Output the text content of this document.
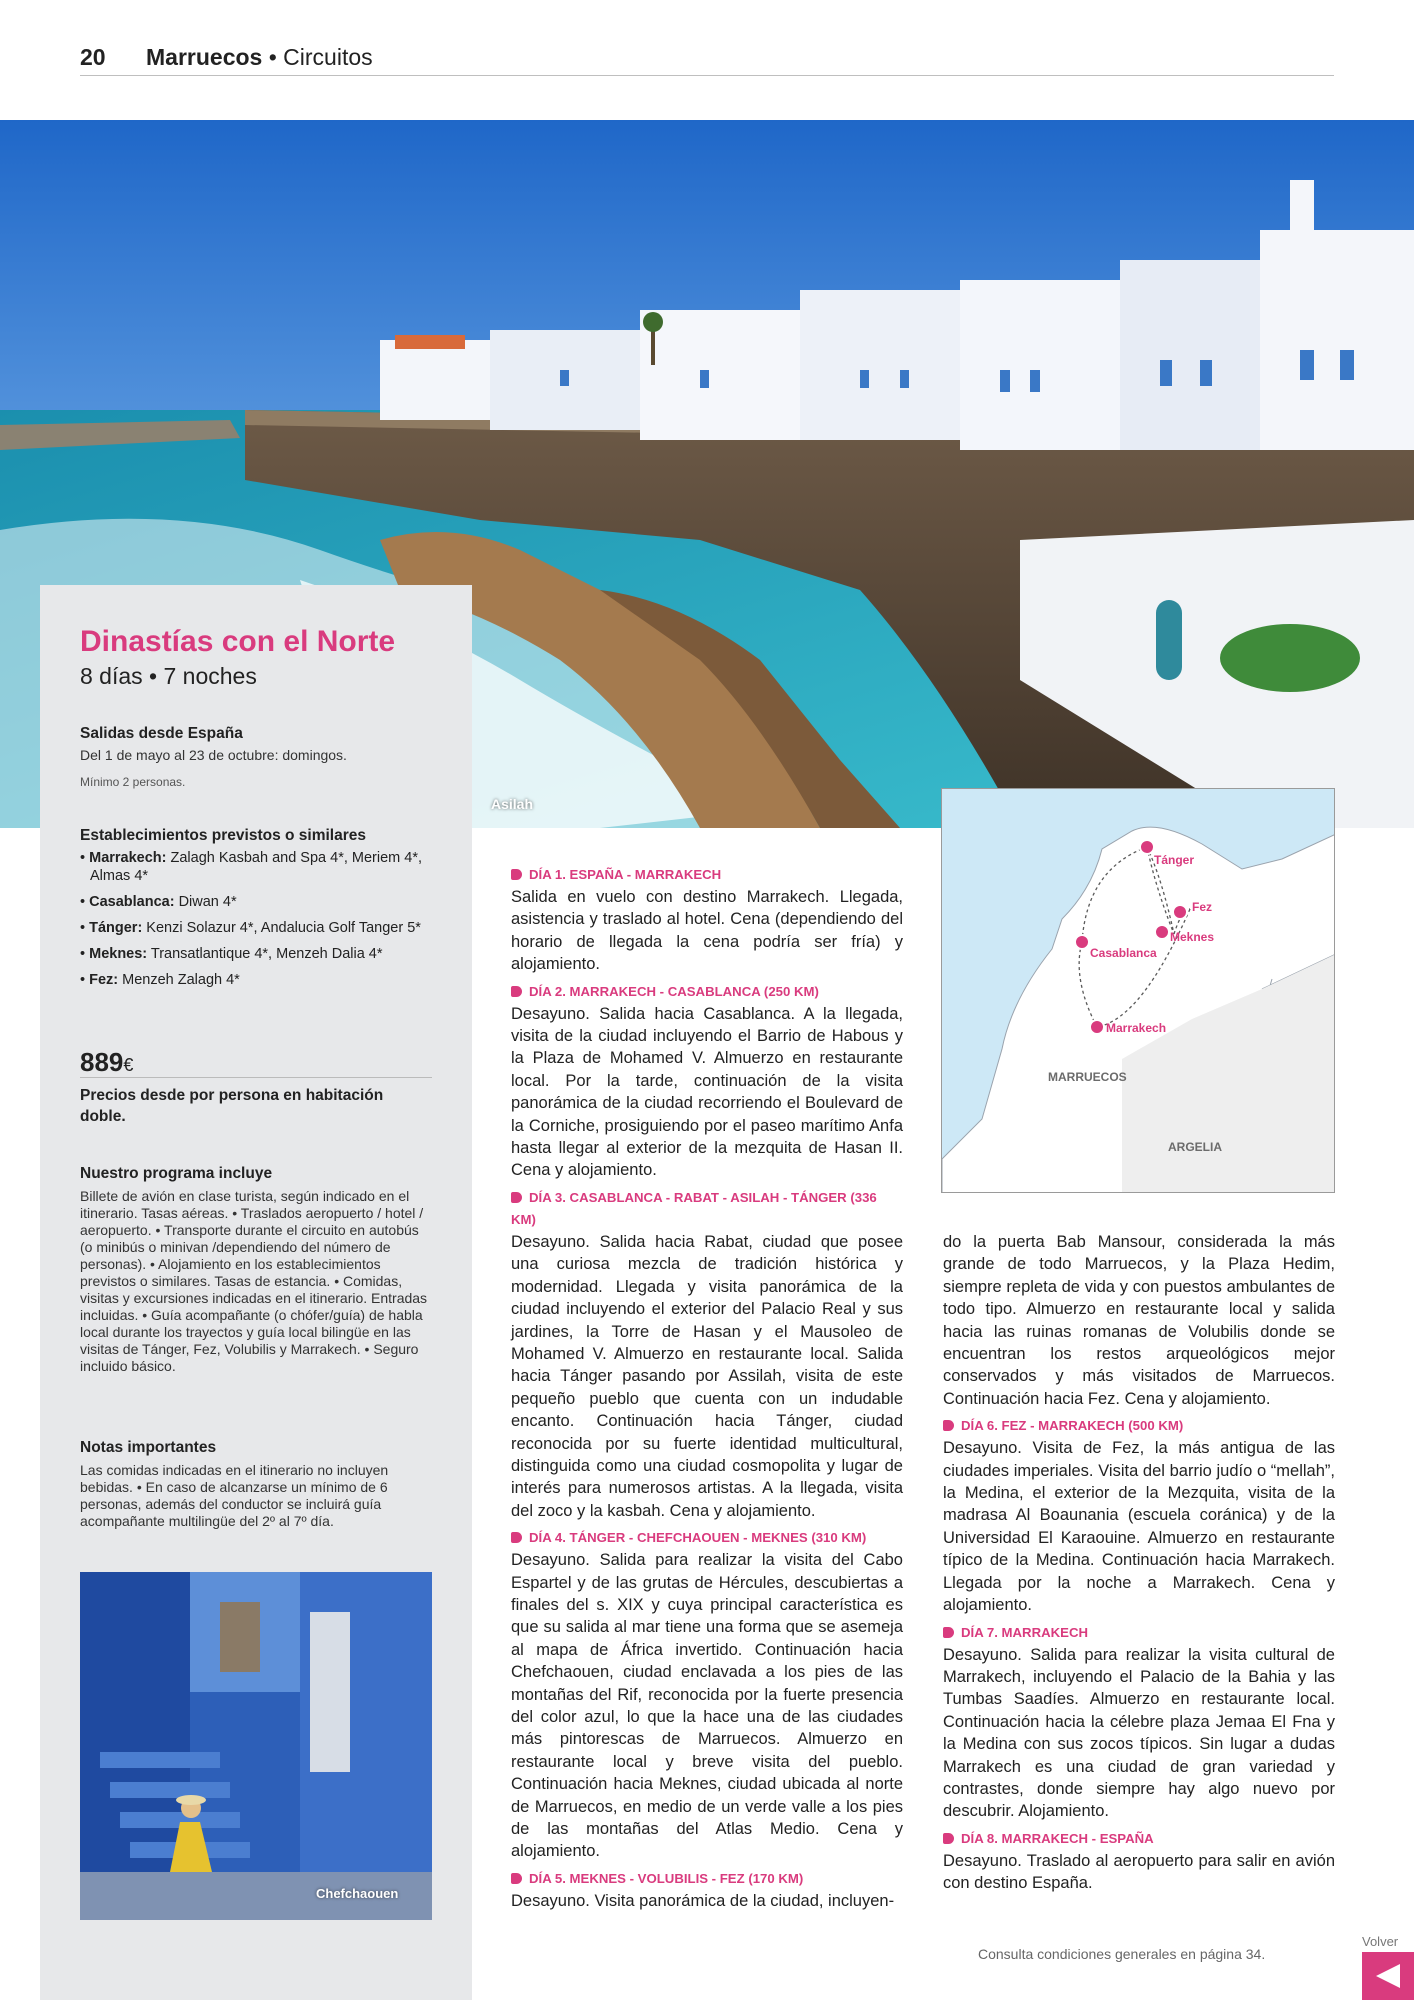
20 Marruecos • Circuitos
Asilah
Dinastías con el Norte
8 días • 7 noches
Salidas desde España
Del 1 de mayo al 23 de octubre: domingos.
Mínimo 2 personas.
Establecimientos previstos o similares
• Marrakech: Zalagh Kasbah and Spa 4*, Meriem 4*, Almas 4*
• Casablanca: Diwan 4*
• Tánger: Kenzi Solazur 4*, Andalucia Golf Tanger 5*
• Meknes: Transatlantique 4*, Menzeh Dalia 4*
• Fez: Menzeh Zalagh 4*
889€
Precios desde por persona en habitación doble.
Nuestro programa incluye
Billete de avión en clase turista, según indicado en el itinerario. Tasas aéreas. • Traslados aeropuerto / hotel / aeropuerto. • Transporte durante el circuito en autobús (o minibús o minivan /dependiendo del número de personas). • Alojamiento en los establecimientos previstos o similares. Tasas de estancia. • Comidas, visitas y excursiones indicadas en el itinerario. Entradas incluidas. • Guía acompañante (o chófer/guía) de habla local durante los trayectos y guía local bilingüe en las visitas de Tánger, Fez, Volubilis y Marrakech. • Seguro incluido básico.
Notas importantes
Las comidas indicadas en el itinerario no incluyen bebidas. • En caso de alcanzarse un mínimo de 6 personas, además del conductor se incluirá guía acompañante multilingüe del 2º al 7º día.
Chefchaouen
DÍA 1. ESPAÑA - MARRAKECH

Salida en vuelo con destino Marrakech. Llegada, asistencia y traslado al hotel. Cena (dependiendo del horario de llegada la cena podría ser fría) y alojamiento.

DÍA 2. MARRAKECH - CASABLANCA (250 KM)

Desayuno. Salida hacia Casablanca. A la llegada, visita de la ciudad incluyendo el Barrio de Habous y la Plaza de Mohamed V. Almuerzo en restaurante local. Por la tarde, continuación de la visita panorámica de la ciudad recorriendo el Boulevard de la Corniche, prosiguiendo por el paseo marítimo Anfa hasta llegar al exterior de la mezquita de Hasan II. Cena y alojamiento.

DÍA 3. CASABLANCA - RABAT - ASILAH - TÁNGER (336 KM)

Desayuno. Salida hacia Rabat, ciudad que posee una curiosa mezcla de tradición histórica y modernidad. Llegada y visita panorámica de la ciudad incluyendo el exterior del Palacio Real y sus jardines, la Torre de Hasan y el Mausoleo de Mohamed V. Almuerzo en restaurante local. Salida hacia Tánger pasando por Assilah, visita de este pequeño pueblo que cuenta con un indudable encanto. Continuación hacia Tánger, ciudad reconocida por su fuerte identidad multicultural, distinguida como una ciudad cosmopolita y lugar de interés para numerosos artistas. A la llegada, visita del zoco y la kasbah. Cena y alojamiento.

DÍA 4. TÁNGER - CHEFCHAOUEN - MEKNES (310 KM)

Desayuno. Salida para realizar la visita del Cabo Espartel y de las grutas de Hércules, descubiertas a finales del s. XIX y cuya principal característica es que su salida al mar tiene una forma que se asemeja al mapa de África invertido. Continuación hacia Chefchaouen, ciudad enclavada a los pies de las montañas del Rif, reconocida por la fuerte presencia del color azul, lo que la hace una de las ciudades más pintorescas de Marruecos. Almuerzo en restaurante local y breve visita del pueblo. Continuación hacia Meknes, ciudad ubicada al norte de Marruecos, en medio de un verde valle a los pies de las montañas del Atlas Medio. Cena y alojamiento.

DÍA 5. MEKNES - VOLUBILIS - FEZ (170 KM)

Desayuno. Visita panorámica de la ciudad, incluyen-

Tánger
Fez
Meknes
Casablanca
Marrakech
MARRUECOS
ARGELIA

do la puerta Bab Mansour, considerada la más grande de todo Marruecos, y la Plaza Hedim, siempre repleta de vida y con puestos ambulantes de todo tipo. Almuerzo en restaurante local y salida hacia las ruinas romanas de Volubilis donde se encuentran los restos arqueológicos mejor conservados y más visitados de Marruecos. Continuación hacia Fez. Cena y alojamiento.

DÍA 6. FEZ - MARRAKECH (500 KM)

Desayuno. Visita de Fez, la más antigua de las ciudades imperiales. Visita del barrio judío o “mellah”, la Medina, el exterior de la Mezquita, visita de la madrasa Al Boaunania (escuela coránica) y de la Universidad El Karaouine. Almuerzo en restaurante típico de la Medina. Continuación hacia Marrakech. Llegada por la noche a Marrakech. Cena y alojamiento.

DÍA 7. MARRAKECH

Desayuno. Salida para realizar la visita cultural de Marrakech, incluyendo el Palacio de la Bahia y las Tumbas Saadíes. Almuerzo en restaurante local. Continuación hacia la célebre plaza Jemaa El Fna y la Medina con sus zocos típicos. Sin lugar a dudas Marrakech es una ciudad de gran variedad y contrastes, donde siempre hay algo nuevo por descubrir. Alojamiento.

DÍA 8. MARRAKECH - ESPAÑA

Desayuno. Traslado al aeropuerto para salir en avión con destino España.

Consulta condiciones generales en página 34.
Volver
